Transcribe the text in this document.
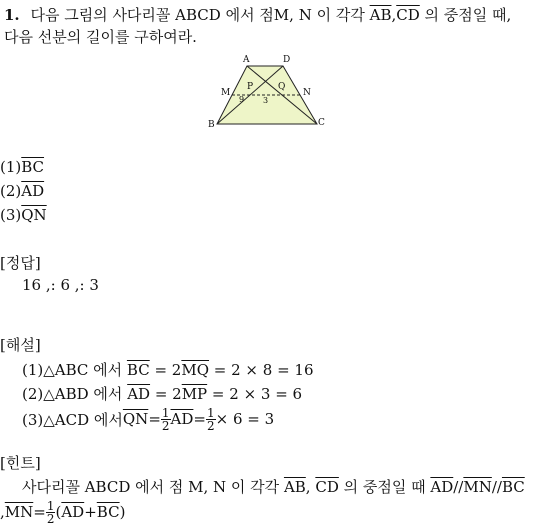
1. 다음 그림의 사다리꼴 ABCD 에서 점M, N 이 각각 $\overline{AB},\overline{CD}$ 의 중점일 때,
다음 선분의 길이를 구하여라.
A	D
M
P	Q
N
9 3
B	C
$(1)\overline{BC}$
$(2)\overline{AD}$
$(3)\overline{QN}$
[정답]
16 ,: 6 ,: 3
[해설]
(1)△ABC 에서 $\overline{BC} = 2\overline{MQ} = 2 \times 8 = 16$
(2)△ABD 에서 $\overline{AD} = 2\overline{MP} = 2 \times 3 = 6$
(3)△ACD 에서 $\overline{QN} = \frac{1}{2} \overline{AD} = \frac{1}{2} \times 6 = 3$
[힌트]
사다리꼴 ABCD 에서 점 M, N 이 각각 $\overline{AB}$, $\overline{CD}$ 의 중점일 때 $\overline{AD}//\overline{MN}//\overline{BC}$
, $\overline{MN} = \frac{1}{2}$ ( $\overline{AD} + \overline{BC}$ )
